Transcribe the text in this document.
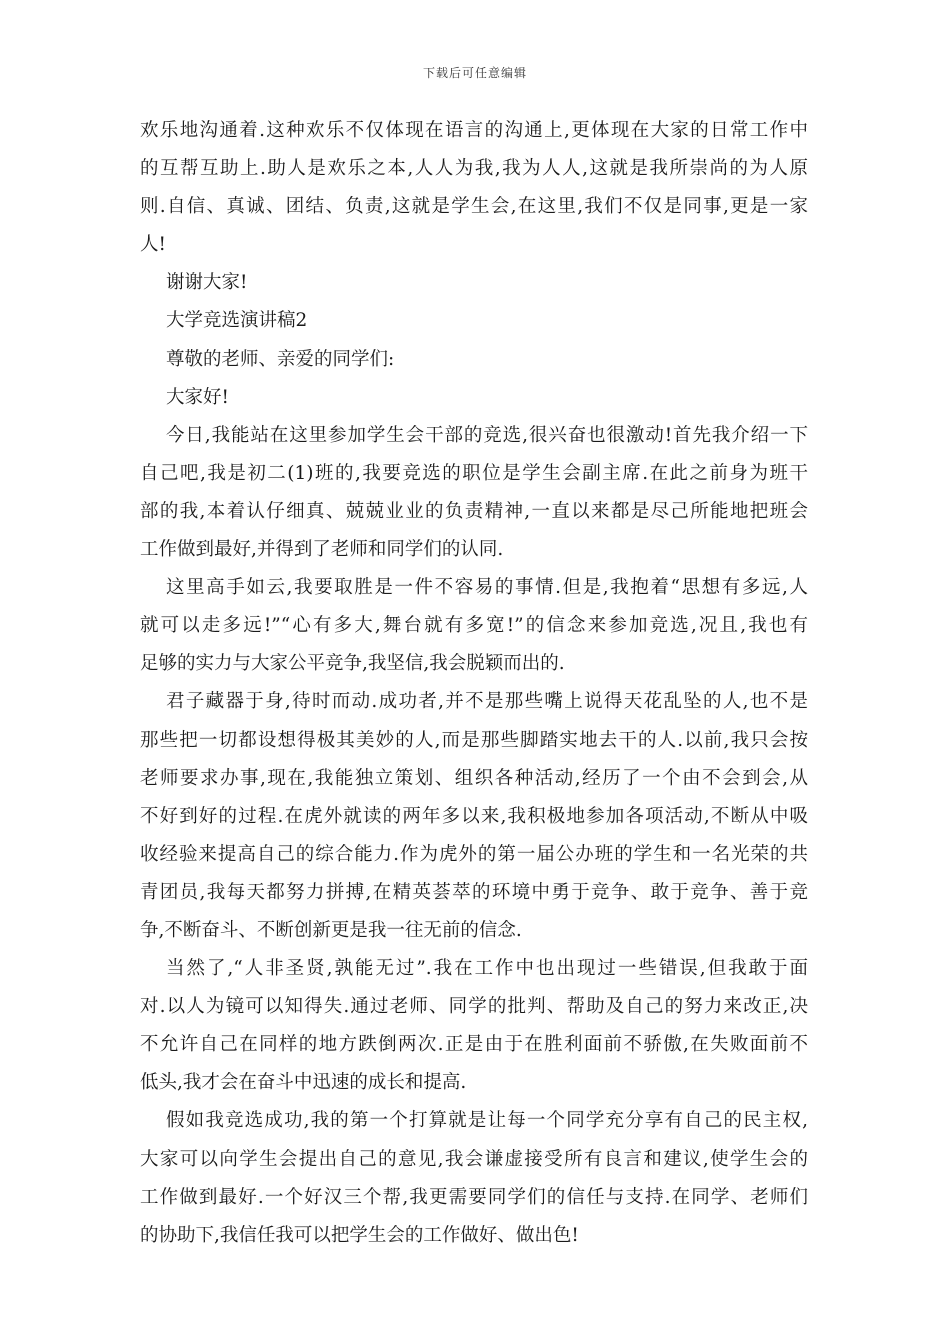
下载后可任意编辑
欢乐地沟通着.这种欢乐不仅体现在语言的沟通上,更体现在大家的日常工作中
的互帮互助上.助人是欢乐之本,人人为我,我为人人,这就是我所崇尚的为人原
则.自信、真诚、团结、负责,这就是学生会,在这里,我们不仅是同事,更是一家
人!
谢谢大家!
大学竞选演讲稿2
尊敬的老师、亲爱的同学们:
大家好!
今日,我能站在这里参加学生会干部的竞选,很兴奋也很激动!首先我介绍一下
自己吧,我是初二(1)班的,我要竞选的职位是学生会副主席.在此之前身为班干
部的我,本着认仔细真、兢兢业业的负责精神,一直以来都是尽己所能地把班会
工作做到最好,并得到了老师和同学们的认同.
这里高手如云,我要取胜是一件不容易的事情.但是,我抱着“思想有多远,人
就可以走多远!”“心有多大,舞台就有多宽!”的信念来参加竞选,况且,我也有
足够的实力与大家公平竞争,我坚信,我会脱颖而出的.
君子藏器于身,待时而动.成功者,并不是那些嘴上说得天花乱坠的人,也不是
那些把一切都设想得极其美妙的人,而是那些脚踏实地去干的人.以前,我只会按
老师要求办事,现在,我能独立策划、组织各种活动,经历了一个由不会到会,从
不好到好的过程.在虎外就读的两年多以来,我积极地参加各项活动,不断从中吸
收经验来提高自己的综合能力.作为虎外的第一届公办班的学生和一名光荣的共
青团员,我每天都努力拼搏,在精英荟萃的环境中勇于竞争、敢于竞争、善于竞
争,不断奋斗、不断创新更是我一往无前的信念.
当然了,“人非圣贤,孰能无过”.我在工作中也出现过一些错误,但我敢于面
对.以人为镜可以知得失.通过老师、同学的批判、帮助及自己的努力来改正,决
不允许自己在同样的地方跌倒两次.正是由于在胜利面前不骄傲,在失败面前不
低头,我才会在奋斗中迅速的成长和提高.
假如我竞选成功,我的第一个打算就是让每一个同学充分享有自己的民主权,
大家可以向学生会提出自己的意见,我会谦虚接受所有良言和建议,使学生会的
工作做到最好.一个好汉三个帮,我更需要同学们的信任与支持.在同学、老师们
的协助下,我信任我可以把学生会的工作做好、做出色!
